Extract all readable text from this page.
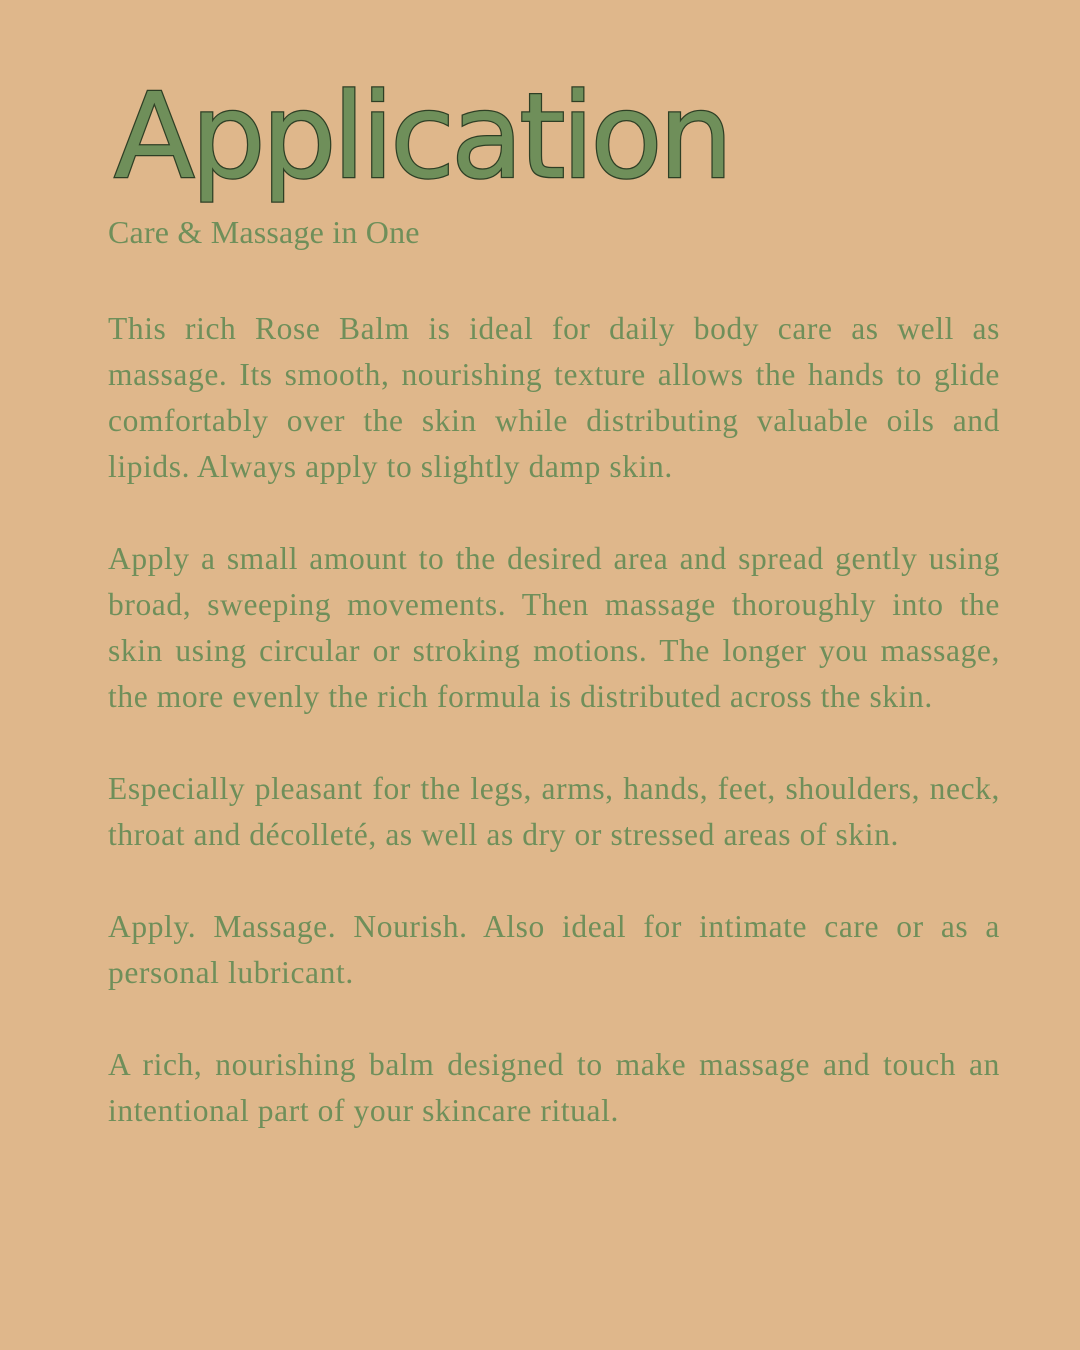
Application
Care & Massage in One

This rich Rose Balm is ideal for daily body care as well as massage. Its smooth, nourishing texture allows the hands to glide comfortably over the skin while distributing valuable oils and lipids. Always apply to slightly damp skin.

Apply a small amount to the desired area and spread gently using broad, sweeping movements. Then massage thoroughly into the skin using circular or stroking motions. The longer you massage, the more evenly the rich formula is distributed across the skin.

Especially pleasant for the legs, arms, hands, feet, shoulders, neck, throat and décolleté, as well as dry or stressed areas of skin.

Apply. Massage. Nourish. Also ideal for intimate care or as a personal lubricant.

A rich, nourishing balm designed to make massage and touch an intentional part of your skincare ritual.
